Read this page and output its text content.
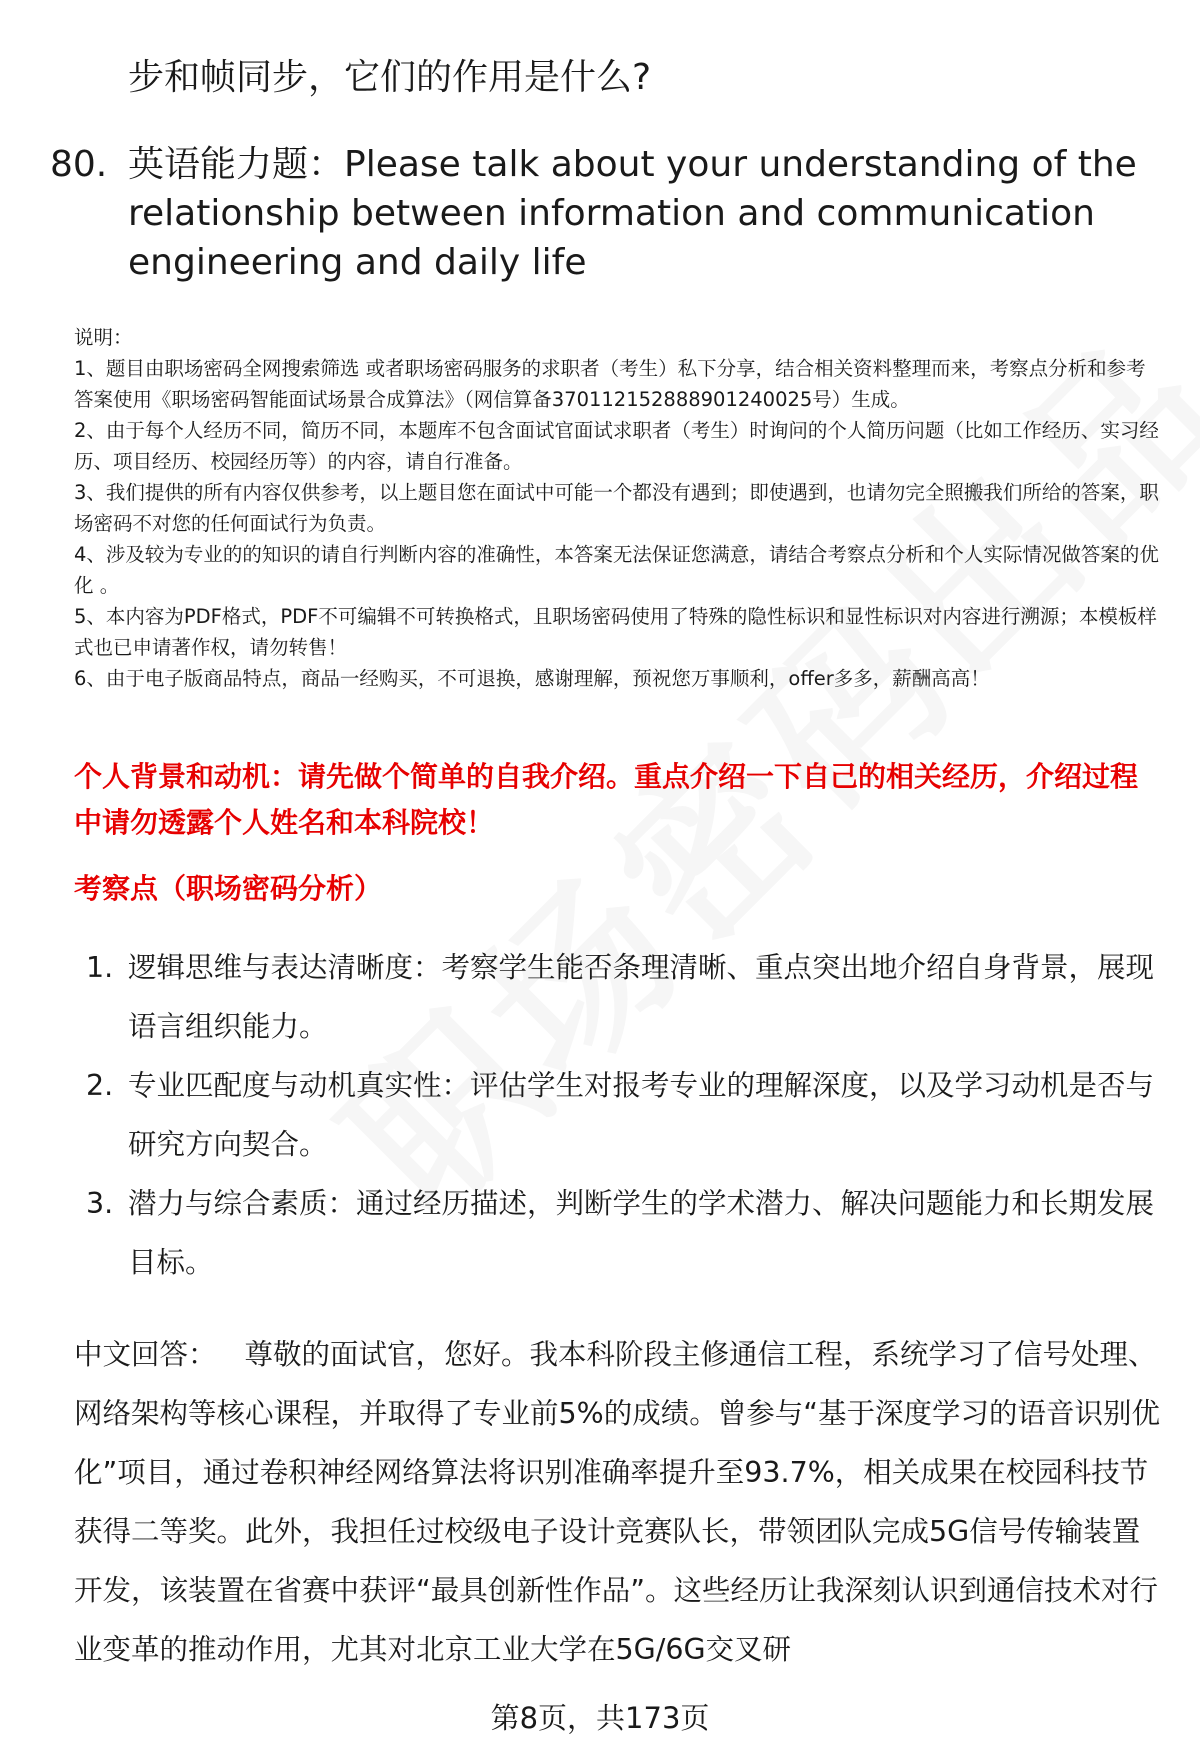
步和帧同步，它们的作用是什么?
80. 英语能力题：Please talk about your understanding of the relationship between information and communication engineering and daily life

说明：

1、题目由职场密码全网搜索筛选 或者职场密码服务的求职者（考生）私下分享，结合相关资料整理而来，考察点分析和参考答案使用《职场密码智能面试场景合成算法》（网信算备370112152888901240025号）生成。

2、由于每个人经历不同，简历不同，本题库不包含面试官面试求职者（考生）时询问的个人简历问题（比如工作经历、实习经历、项目经历、校园经历等）的内容，请自行准备。

3、我们提供的所有内容仅供参考，以上题目您在面试中可能一个都没有遇到；即使遇到，也请勿完全照搬我们所给的答案，职场密码不对您的任何面试行为负责。

4、涉及较为专业的的知识的请自行判断内容的准确性，本答案无法保证您满意，请结合考察点分析和个人实际情况做答案的优化 。

5、本内容为PDF格式，PDF不可编辑不可转换格式，且职场密码使用了特殊的隐性标识和显性标识对内容进行溯源；本模板样式也已申请著作权，请勿转售！

6、由于电子版商品特点，商品一经购买，不可退换，感谢理解，预祝您万事顺利，offer多多，薪酬高高！

个人背景和动机：请先做个简单的自我介绍。重点介绍一下自己的相关经历，介绍过程中请勿透露个人姓名和本科院校！
考察点（职场密码分析）

1. 逻辑思维与表达清晰度：考察学生能否条理清晰、重点突出地介绍自身背景，展现语言组织能力。

2. 专业匹配度与动机真实性：评估学生对报考专业的理解深度，以及学习动机是否与研究方向契合。

3. 潜力与综合素质：通过经历描述，判断学生的学术潜力、解决问题能力和长期发展目标。

中文回答： 尊敬的面试官，您好。我本科阶段主修通信工程，系统学习了信号处理、网络架构等核心课程，并取得了专业前5%的成绩。曾参与“基于深度学习的语音识别优化”项目，通过卷积神经网络算法将识别准确率提升至93.7%，相关成果在校园科技节获得二等奖。此外，我担任过校级电子设计竞赛队长，带领团队完成5G信号传输装置开发，该装置在省赛中获评“最具创新性作品”。这些经历让我深刻认识到通信技术对行业变革的推动作用，尤其对北京工业大学在5G/6G交叉研
第8页，共173页
